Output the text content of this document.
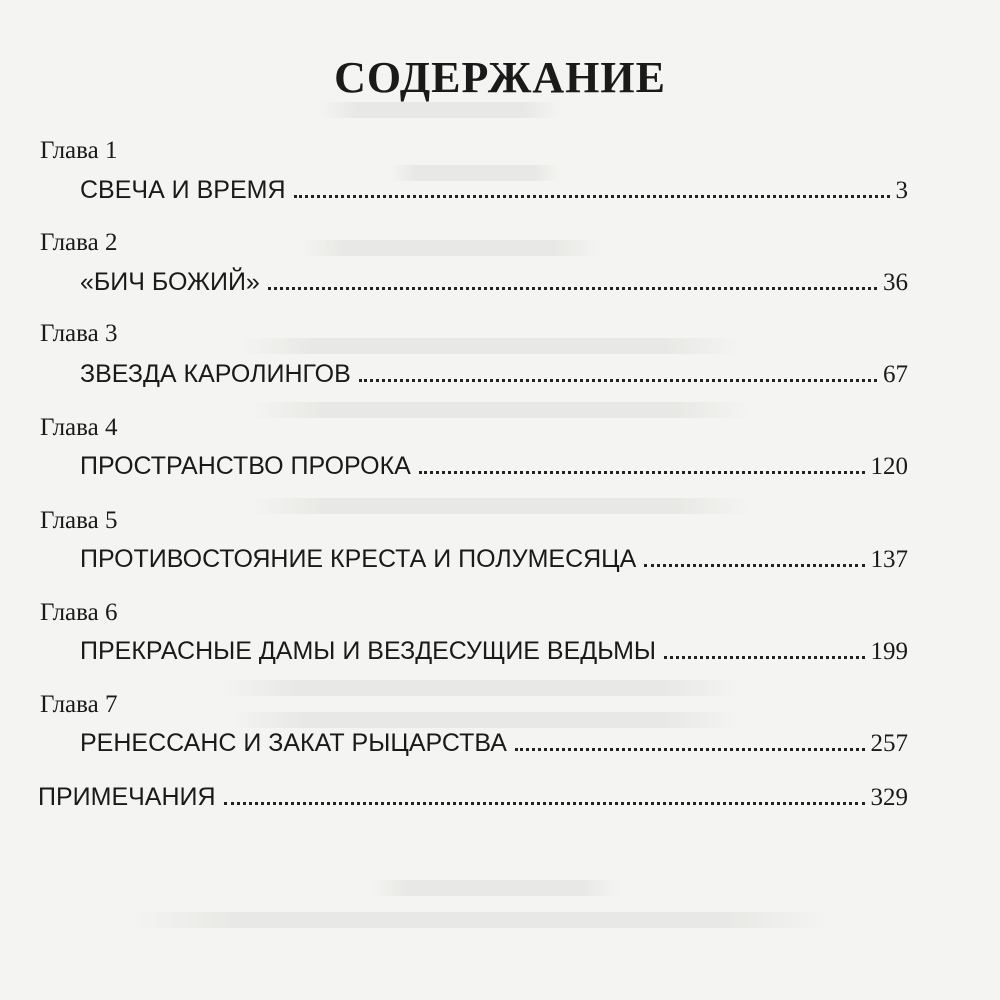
СОДЕРЖАНИЕ
Глава 1
СВЕЧА И ВРЕМЯ	3
Глава 2
«БИЧ БОЖИЙ»	36
Глава 3
ЗВЕЗДА КАРОЛИНГОВ	67
Глава 4
ПРОСТРАНСТВО ПРОРОКА	120
Глава 5
ПРОТИВОСТОЯНИЕ КРЕСТА И ПОЛУМЕСЯЦА	137
Глава 6
ПРЕКРАСНЫЕ ДАМЫ И ВЕЗДЕСУЩИЕ ВЕДЬМЫ	199
Глава 7
РЕНЕССАНС И ЗАКАТ РЫЦАРСТВА	257
ПРИМЕЧАНИЯ	329
